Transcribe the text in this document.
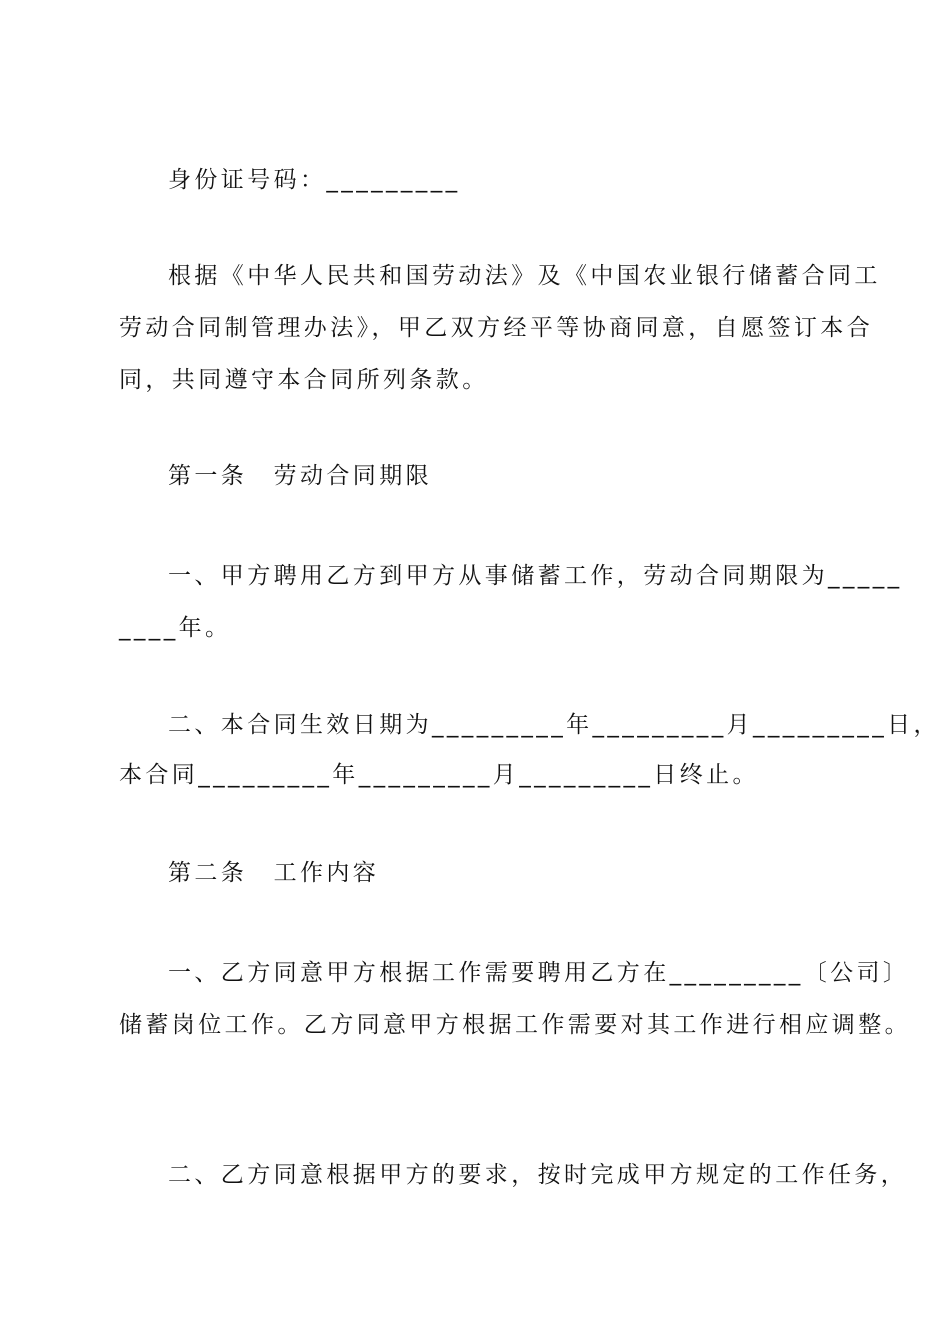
身份证号码：_________
根据《中华人民共和国劳动法》及《中国农业银行储蓄合同工
劳动合同制管理办法》，甲乙双方经平等协商同意，自愿签订本合
同，共同遵守本合同所列条款。
第一条　劳动合同期限
一、甲方聘用乙方到甲方从事储蓄工作，劳动合同期限为_____
____年。
二、本合同生效日期为_________年_________月_________日，
本合同_________年_________月_________日终止。
第二条　工作内容
一、乙方同意甲方根据工作需要聘用乙方在_________〔公司〕
储蓄岗位工作。乙方同意甲方根据工作需要对其工作进行相应调整。
二、乙方同意根据甲方的要求，按时完成甲方规定的工作任务，
